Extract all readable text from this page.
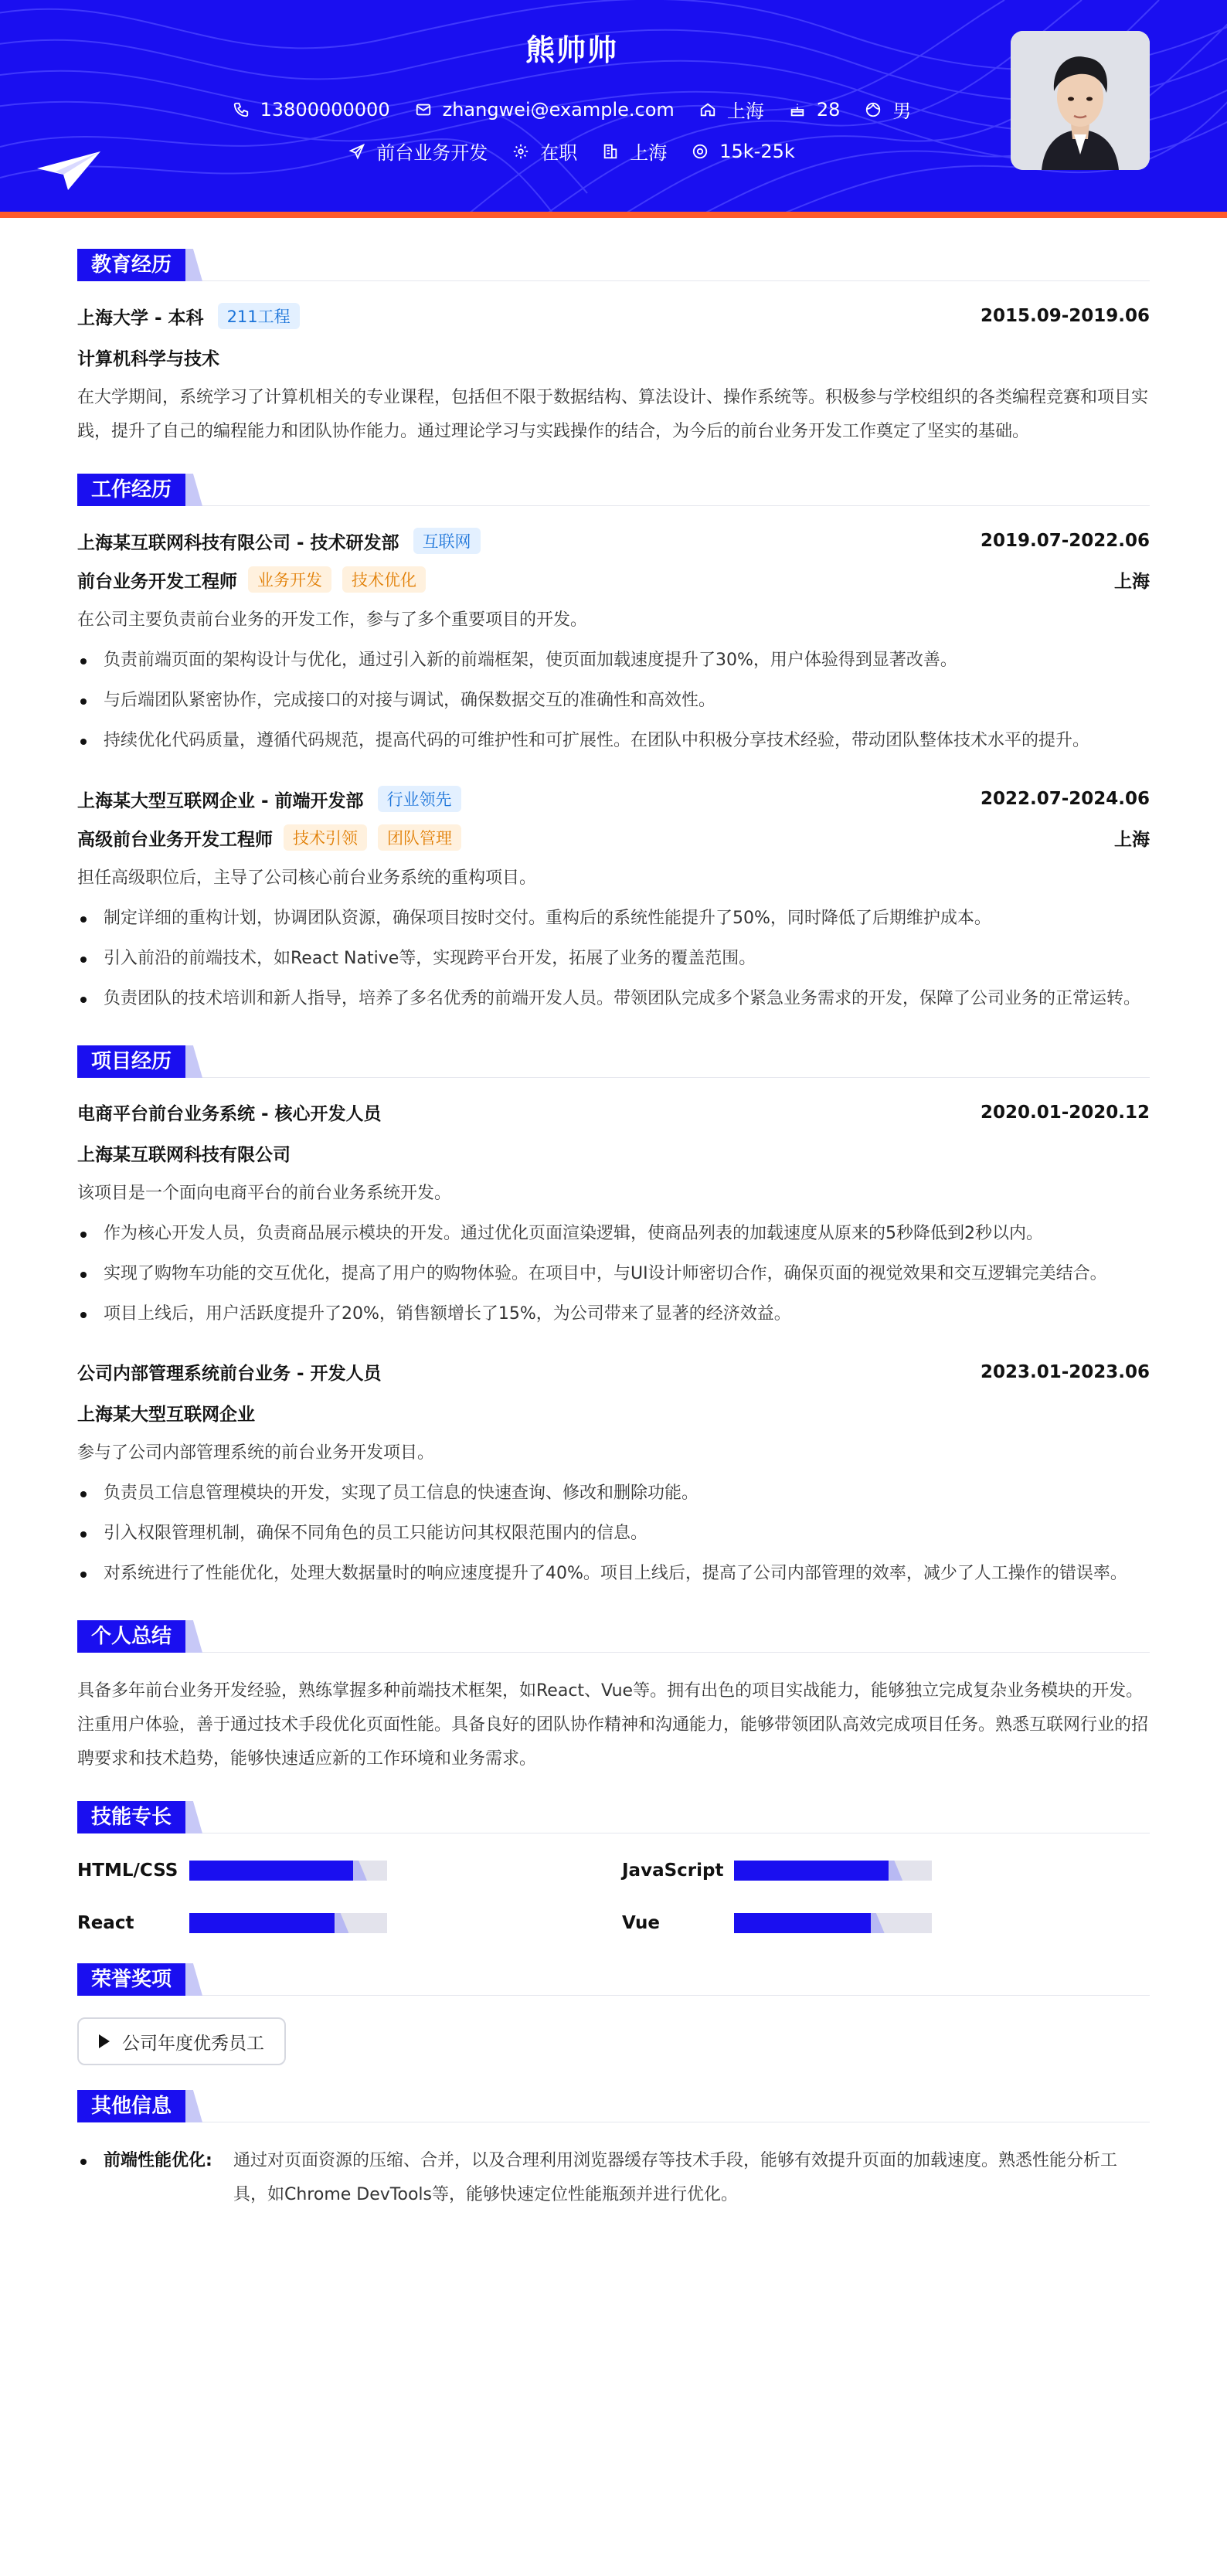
熊帅帅
13800000000	zhangwei@example.com	上海	28	男
前台业务开发	在职	上海	15k-25k
教育经历
上海大学 - 本科	211工程	2015.09-2019.06
计算机科学与技术
在大学期间，系统学习了计算机相关的专业课程，包括但不限于数据结构、算法设计、操作系统等。积极参与学校组织的各类编程竞赛和项目实践，提升了自己的编程能力和团队协作能力。通过理论学习与实践操作的结合，为今后的前台业务开发工作奠定了坚实的基础。
工作经历
上海某互联网科技有限公司 - 技术研发部	互联网	2019.07-2022.06
前台业务开发工程师	业务开发	技术优化	上海
在公司主要负责前台业务的开发工作，参与了多个重要项目的开发。
负责前端页面的架构设计与优化，通过引入新的前端框架，使页面加载速度提升了30%，用户体验得到显著改善。
与后端团队紧密协作，完成接口的对接与调试，确保数据交互的准确性和高效性。
持续优化代码质量，遵循代码规范，提高代码的可维护性和可扩展性。在团队中积极分享技术经验，带动团队整体技术水平的提升。
上海某大型互联网企业 - 前端开发部	行业领先	2022.07-2024.06
高级前台业务开发工程师	技术引领	团队管理	上海
担任高级职位后，主导了公司核心前台业务系统的重构项目。
制定详细的重构计划，协调团队资源，确保项目按时交付。重构后的系统性能提升了50%，同时降低了后期维护成本。
引入前沿的前端技术，如React Native等，实现跨平台开发，拓展了业务的覆盖范围。
负责团队的技术培训和新人指导，培养了多名优秀的前端开发人员。带领团队完成多个紧急业务需求的开发，保障了公司业务的正常运转。
项目经历
电商平台前台业务系统 - 核心开发人员	2020.01-2020.12
上海某互联网科技有限公司
该项目是一个面向电商平台的前台业务系统开发。
作为核心开发人员，负责商品展示模块的开发。通过优化页面渲染逻辑，使商品列表的加载速度从原来的5秒降低到2秒以内。
实现了购物车功能的交互优化，提高了用户的购物体验。在项目中，与UI设计师密切合作，确保页面的视觉效果和交互逻辑完美结合。
项目上线后，用户活跃度提升了20%，销售额增长了15%，为公司带来了显著的经济效益。
公司内部管理系统前台业务 - 开发人员	2023.01-2023.06
上海某大型互联网企业
参与了公司内部管理系统的前台业务开发项目。
负责员工信息管理模块的开发，实现了员工信息的快速查询、修改和删除功能。
引入权限管理机制，确保不同角色的员工只能访问其权限范围内的信息。
对系统进行了性能优化，处理大数据量时的响应速度提升了40%。项目上线后，提高了公司内部管理的效率，减少了人工操作的错误率。
个人总结
具备多年前台业务开发经验，熟练掌握多种前端技术框架，如React、Vue等。拥有出色的项目实战能力，能够独立完成复杂业务模块的开发。注重用户体验，善于通过技术手段优化页面性能。具备良好的团队协作精神和沟通能力，能够带领团队高效完成项目任务。熟悉互联网行业的招聘要求和技术趋势，能够快速适应新的工作环境和业务需求。
技能专长
HTML/CSS	JavaScript
React	Vue
荣誉奖项
公司年度优秀员工
其他信息
前端性能优化:	通过对页面资源的压缩、合并，以及合理利用浏览器缓存等技术手段，能够有效提升页面的加载速度。熟悉性能分析工具，如Chrome DevTools等，能够快速定位性能瓶颈并进行优化。
